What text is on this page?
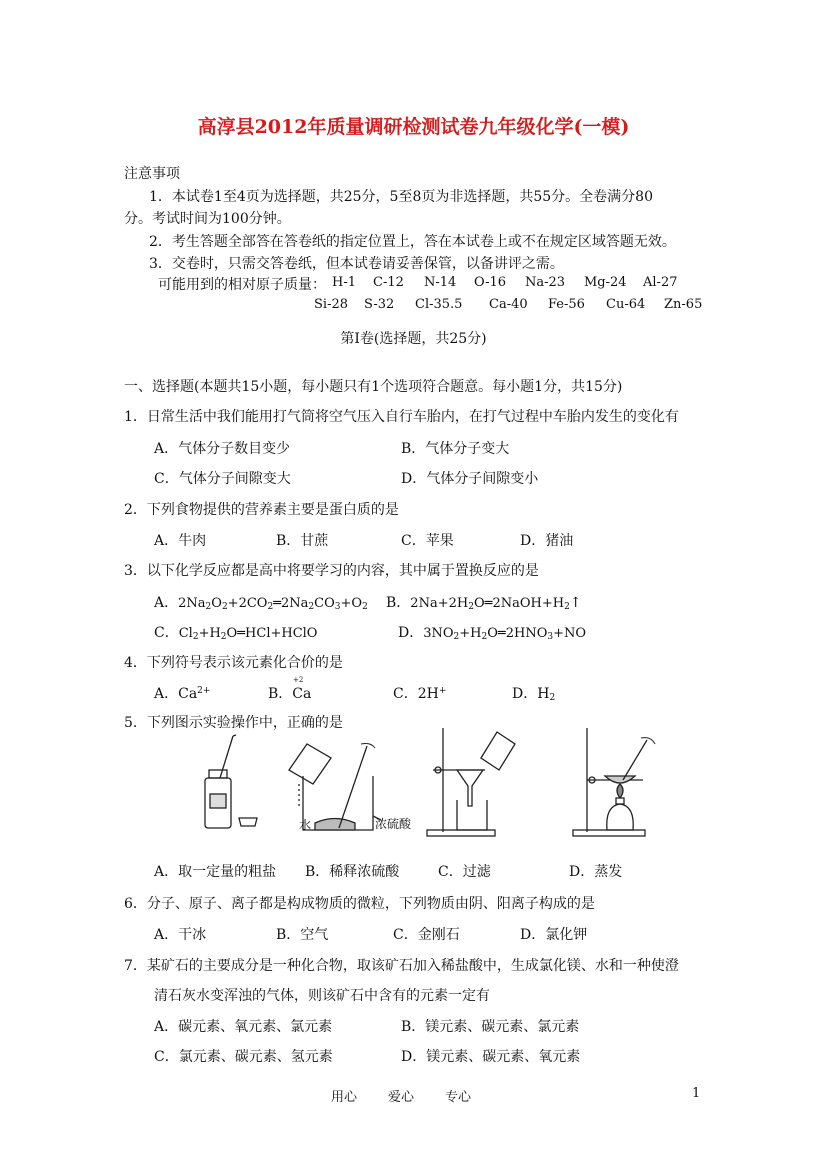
高淳县2012年质量调研检测试卷九年级化学(一模)
注意事项
1．本试卷1至4页为选择题，共25分，5至8页为非选择题，共55分。全卷满分80
分。考试时间为100分钟。
2．考生答题全部答在答卷纸的指定位置上，答在本试卷上或不在规定区域答题无效。
3．交卷时，只需交答卷纸，但本试卷请妥善保管，以备讲评之需。
可能用到的相对原子质量： H-1 C-12 N-14 O-16 Na-23 Mg-24 Al-27
Si-28 S-32 Cl-35.5 Ca-40 Fe-56 Cu-64 Zn-65
第Ⅰ卷(选择题，共25分)
一、选择题(本题共15小题，每小题只有1个选项符合题意。每小题1分，共15分)
1．日常生活中我们能用打气筒将空气压入自行车胎内，在打气过程中车胎内发生的变化有
A．气体分子数目变少	B．气体分子变大
C．气体分子间隙变大	D．气体分子间隙变小
2．下列食物提供的营养素主要是蛋白质的是
A．牛肉	B．甘蔗	C．苹果	D．猪油
3．以下化学反应都是高中将要学习的内容，其中属于置换反应的是
A．$2Na_2O_2+2CO_2═2Na_2CO_3+O_2$ B．$2Na+2H_2O═2NaOH+H_2↑$
C．$Cl_2+H_2O═HCl+HClO$	D．$3NO_2+H_2O═2HNO_3+NO$
4．下列符号表示该元素化合价的是
A．$Ca^{2+}$	B．Ca
+2
C．2H+	D．$H_2$
5．下列图示实验操作中，正确的是
水	浓硫酸
A．取一定量的粗盐 B．稀释浓硫酸	C．过滤	D．蒸发
6．分子、原子、离子都是构成物质的微粒，下列物质由阴、阳离子构成的是
A．干冰	B．空气	C．金刚石	D．氯化钾
7．某矿石的主要成分是一种化合物，取该矿石加入稀盐酸中，生成氯化镁、水和一种使澄
清石灰水变浑浊的气体，则该矿石中含有的元素一定有
A．碳元素、氧元素、氯元素	B．镁元素、碳元素、氯元素
C．氯元素、碳元素、氢元素	D．镁元素、碳元素、氧元素
用心 爱心 专心	1
